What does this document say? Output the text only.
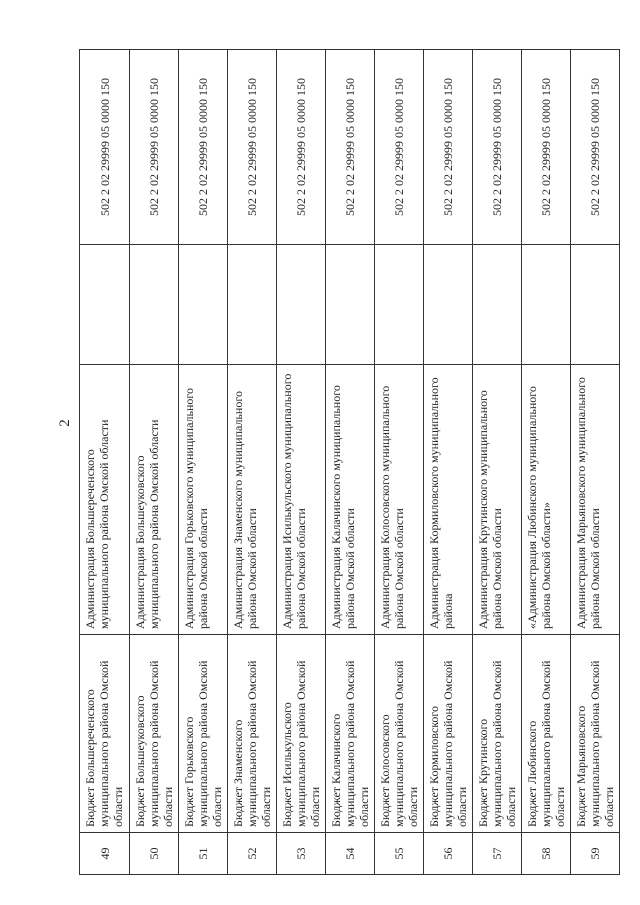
2
49	Бюджет Большереченского муниципального района Омской области	Администрация Большереченского муниципального района Омской области		502 2 02 29999 05 0000 150
50	Бюджет Большеуковского муниципального района Омской области	Администрация Большеуковского муниципального района Омской области		502 2 02 29999 05 0000 150
51	Бюджет Горьковского муниципального района Омской области	Администрация Горьковского муниципального района Омской области		502 2 02 29999 05 0000 150
52	Бюджет Знаменского муниципального района Омской области	Администрация Знаменского муниципального района Омской области		502 2 02 29999 05 0000 150
53	Бюджет Исилькульского муниципального района Омской области	Администрация Исилькульского муниципального района Омской области		502 2 02 29999 05 0000 150
54	Бюджет Калачинского муниципального района Омской области	Администрация Калачинского муниципального района Омской области		502 2 02 29999 05 0000 150
55	Бюджет Колосовского муниципального района Омской области	Администрация Колосовского муниципального района Омской области		502 2 02 29999 05 0000 150
56	Бюджет Кормиловского муниципального района Омской области	Администрация Кормиловского муниципального района		502 2 02 29999 05 0000 150
57	Бюджет Крутинского муниципального района Омской области	Администрация Крутинского муниципального района Омской области		502 2 02 29999 05 0000 150
58	Бюджет Любинского муниципального района Омской области	«Администрация Любинского муниципального района Омской области»		502 2 02 29999 05 0000 150
59	Бюджет Марьяновского муниципального района Омской области	Администрация Марьяновского муниципального района Омской области		502 2 02 29999 05 0000 150
